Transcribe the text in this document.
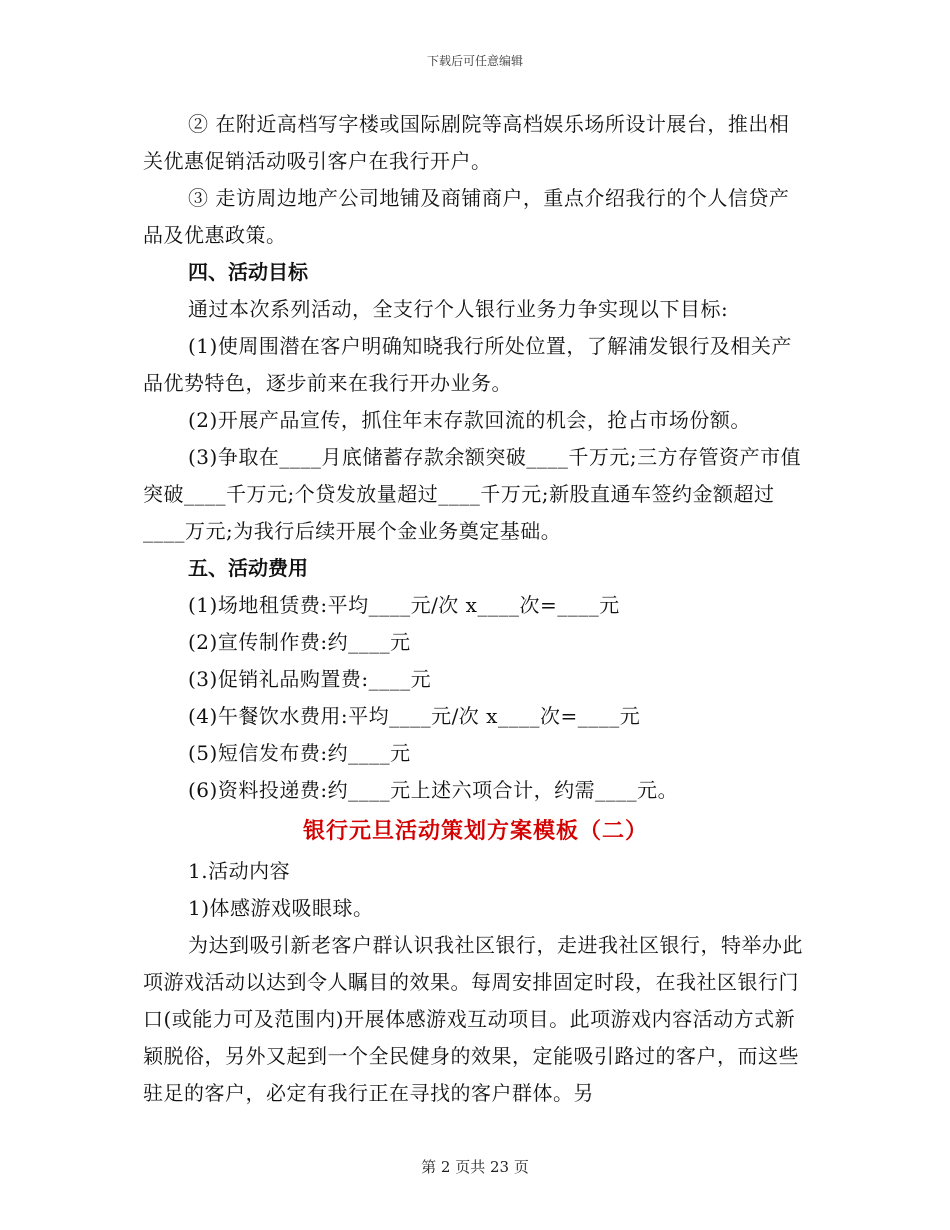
下载后可任意编辑

② 在附近高档写字楼或国际剧院等高档娱乐场所设计展台，推出相关优惠促销活动吸引客户在我行开户。

③ 走访周边地产公司地铺及商铺商户，重点介绍我行的个人信贷产品及优惠政策。

四、活动目标

通过本次系列活动，全支行个人银行业务力争实现以下目标:

(1)使周围潜在客户明确知晓我行所处位置，了解浦发银行及相关产品优势特色，逐步前来在我行开办业务。

(2)开展产品宣传，抓住年末存款回流的机会，抢占市场份额。

(3)争取在____月底储蓄存款余额突破____千万元;三方存管资产市值突破____千万元;个贷发放量超过____千万元;新股直通车签约金额超过____万元;为我行后续开展个金业务奠定基础。

五、活动费用

(1)场地租赁费:平均____元/次 x____次=____元

(2)宣传制作费:约____元

(3)促销礼品购置费:____元

(4)午餐饮水费用:平均____元/次 x____次=____元

(5)短信发布费:约____元

(6)资料投递费:约____元上述六项合计，约需____元。

银行元旦活动策划方案模板（二）

1.活动内容

1)体感游戏吸眼球。

为达到吸引新老客户群认识我社区银行，走进我社区银行，特举办此项游戏活动以达到令人瞩目的效果。每周安排固定时段，在我社区银行门口(或能力可及范围内)开展体感游戏互动项目。此项游戏内容活动方式新颖脱俗，另外又起到一个全民健身的效果，定能吸引路过的客户，而这些驻足的客户，必定有我行正在寻找的客户群体。另

第 2 页共 23 页
